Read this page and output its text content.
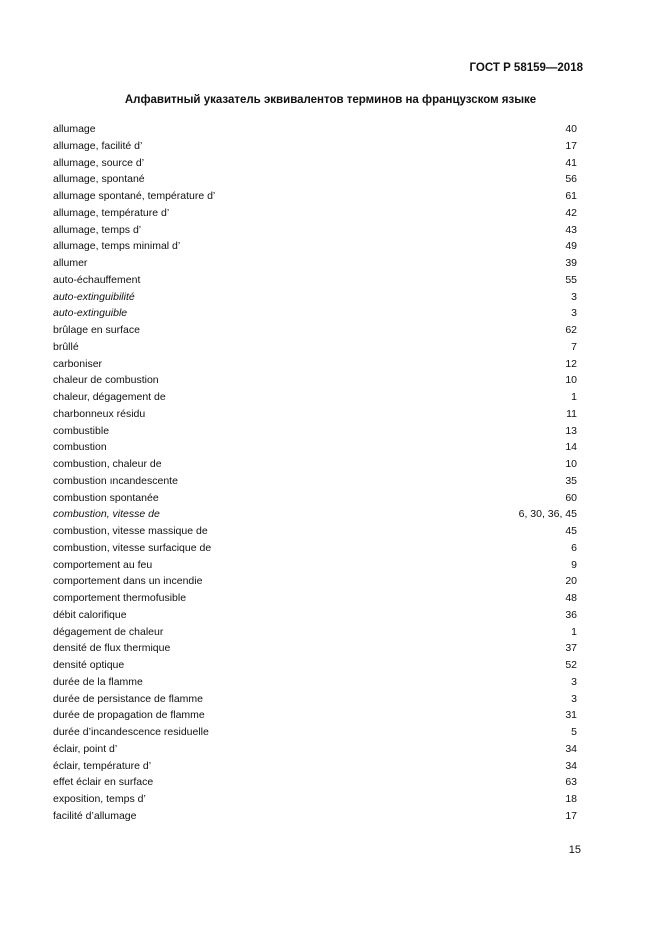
ГОСТ Р 58159—2018
Алфавитный указатель эквивалентов терминов на французском языке
allumage	40
allumage, facilité d’	17
allumage, source d’	41
allumage, spontané	56
allumage spontané, température d’	61
allumage, température d’	42
allumage, temps d’	43
allumage, temps minimal d’	49
allumer	39
auto-échauffement	55
auto-extinguibilité	3
auto-extinguible	3
brûlage en surface	62
brûllé	7
carboniser	12
chaleur de combustion	10
chaleur, dégagement de	1
charbonneux résidu	11
combustible	13
combustion	14
combustion, chaleur de	10
combustion ıncandescente	35
combustion spontanée	60
combustion, vitesse de	6, 30, 36, 45
combustion, vitesse massique de	45
combustion, vitesse surfacique de	6
comportement au feu	9
comportement dans un incendie	20
comportement thermofusible	48
débit calorifique	36
dégagement de chaleur	1
densité de flux thermique	37
densité optique	52
durée de la flamme	3
durée de persistance de flamme	3
durée de propagation de flamme	31
durée d’incandescence residuelle	5
éclair, point d’	34
éclair, température d’	34
effet éclair en surface	63
exposition, temps d’	18
facilité d’allumage	17
15
